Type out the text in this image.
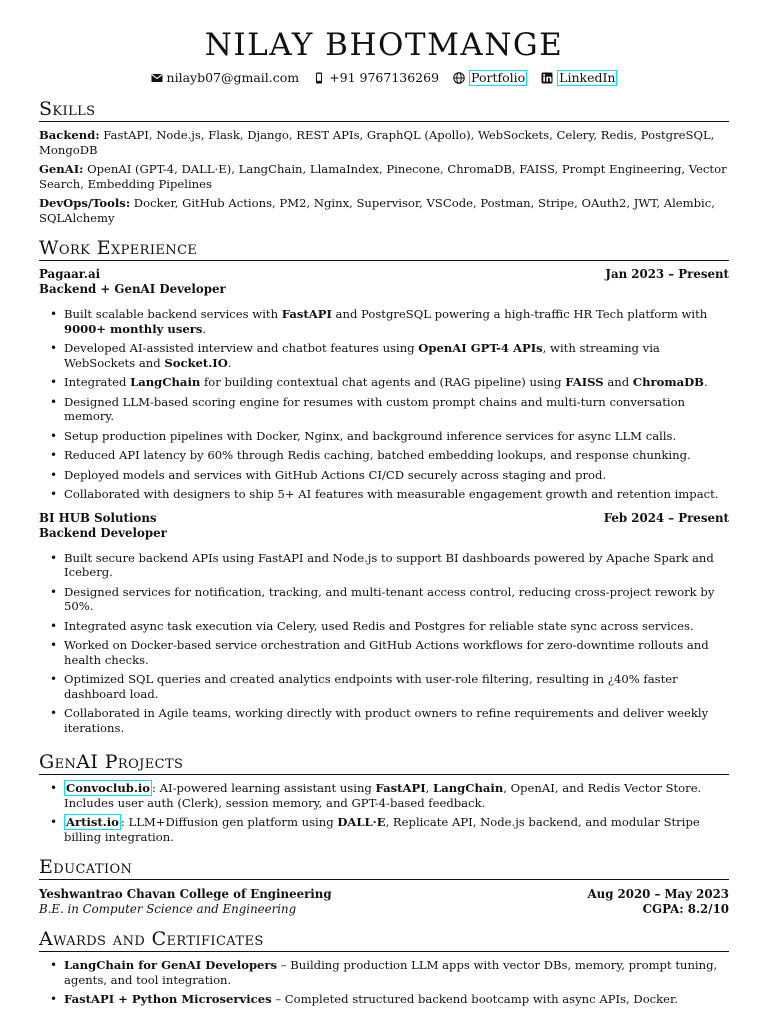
NILAY BHOTMANGE
nilayb07@gmail.com +91 9767136269	Portfolio	LinkedIn
Skills

Backend: FastAPI, Node.js, Flask, Django, REST APIs, GraphQL (Apollo), WebSockets, Celery, Redis, PostgreSQL, MongoDB

GenAI: OpenAI (GPT-4, DALL·E), LangChain, LlamaIndex, Pinecone, ChromaDB, FAISS, Prompt Engineering, Vector Search, Embedding Pipelines

DevOps/Tools: Docker, GitHub Actions, PM2, Nginx, Supervisor, VSCode, Postman, Stripe, OAuth2, JWT, Alembic, SQLAlchemy

Work Experience
Pagaar.ai	Jan 2023 – Present
Backend + GenAI Developer
• Built scalable backend services with FastAPI and PostgreSQL powering a high-traffic HR Tech platform with 9000+ monthly users.
• Developed AI-assisted interview and chatbot features using OpenAI GPT-4 APIs, with streaming via WebSockets and Socket.IO.
• Integrated LangChain for building contextual chat agents and (RAG pipeline) using FAISS and ChromaDB.
• Designed LLM-based scoring engine for resumes with custom prompt chains and multi-turn conversation memory.
• Setup production pipelines with Docker, Nginx, and background inference services for async LLM calls.
• Reduced API latency by 60% through Redis caching, batched embedding lookups, and response chunking.
• Deployed models and services with GitHub Actions CI/CD securely across staging and prod.
• Collaborated with designers to ship 5+ AI features with measurable engagement growth and retention impact.
BI HUB Solutions	Feb 2024 – Present
Backend Developer
• Built secure backend APIs using FastAPI and Node.js to support BI dashboards powered by Apache Spark and Iceberg.
• Designed services for notification, tracking, and multi-tenant access control, reducing cross-project rework by 50%.
• Integrated async task execution via Celery, used Redis and Postgres for reliable state sync across services.
• Worked on Docker-based service orchestration and GitHub Actions workflows for zero-downtime rollouts and health checks.
• Optimized SQL queries and created analytics endpoints with user-role filtering, resulting in ¿40% faster dashboard load.
• Collaborated in Agile teams, working directly with product owners to refine requirements and deliver weekly iterations.
GenAI Projects
• Convoclub.io : AI-powered learning assistant using FastAPI, LangChain, OpenAI, and Redis Vector Store. Includes user auth (Clerk), session memory, and GPT-4-based feedback.
• Artist.io : LLM+Diffusion gen platform using DALL·E, Replicate API, Node.js backend, and modular Stripe billing integration.
Education
Yeshwantrao Chavan College of Engineering	Aug 2020 – May 2023
B.E. in Computer Science and Engineering	CGPA: 8.2/10
Awards and Certificates
• LangChain for GenAI Developers – Building production LLM apps with vector DBs, memory, prompt tuning, agents, and tool integration.
• FastAPI + Python Microservices – Completed structured backend bootcamp with async APIs, Docker.
